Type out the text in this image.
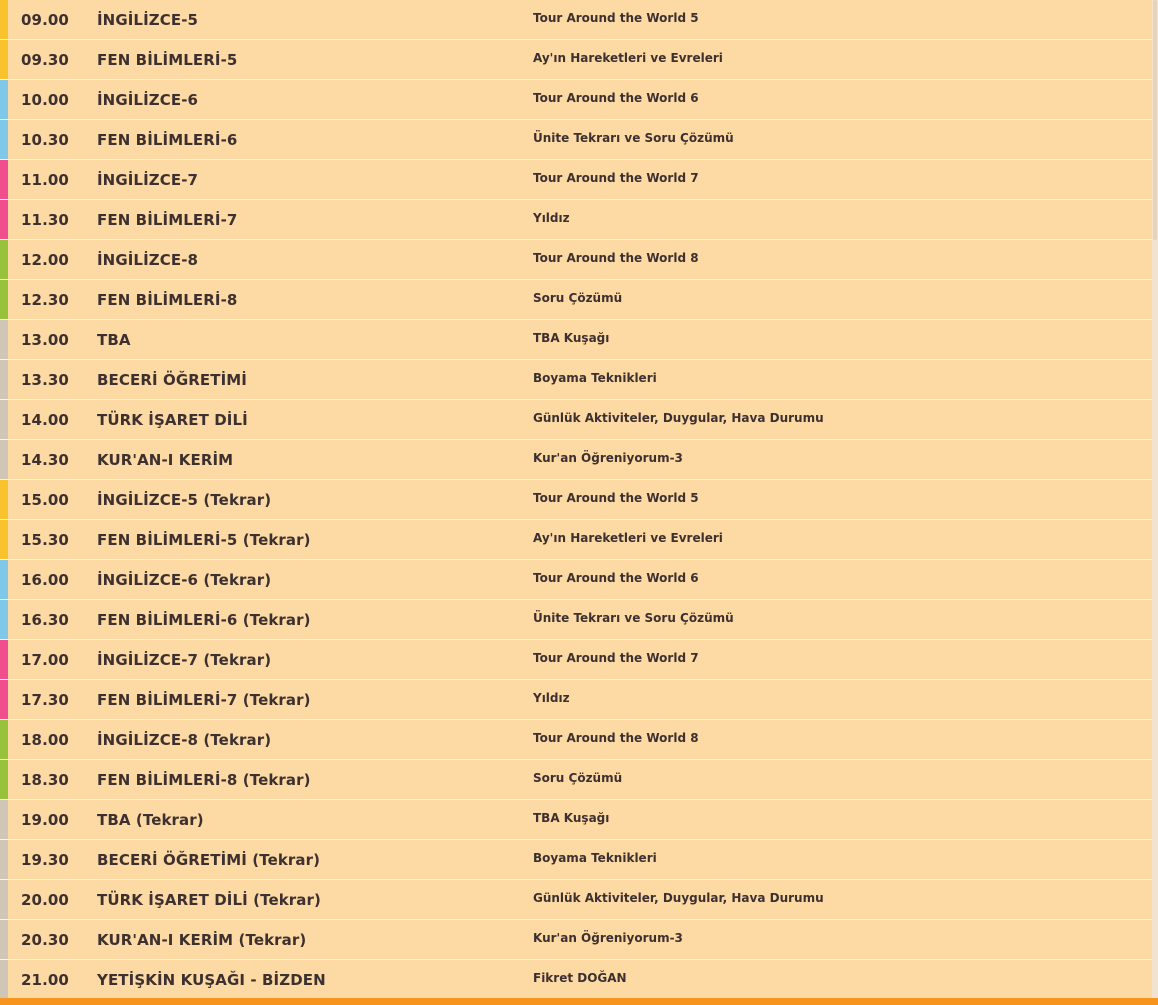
09.00 İNGİLİZCE-5	Tour Around the World 5
09.30 FEN BİLİMLERİ-5	Ay'ın Hareketleri ve Evreleri
10.00 İNGİLİZCE-6	Tour Around the World 6
10.30 FEN BİLİMLERİ-6	Ünite Tekrarı ve Soru Çözümü
11.00 İNGİLİZCE-7	Tour Around the World 7
11.30 FEN BİLİMLERİ-7	Yıldız
12.00 İNGİLİZCE-8	Tour Around the World 8
12.30 FEN BİLİMLERİ-8	Soru Çözümü
13.00 TBA	TBA Kuşağı
13.30 BECERİ ÖĞRETİMİ	Boyama Teknikleri
14.00 TÜRK İŞARET DİLİ	Günlük Aktiviteler, Duygular, Hava Durumu
14.30 KUR'AN-I KERİM	Kur'an Öğreniyorum-3
15.00 İNGİLİZCE-5 (Tekrar)	Tour Around the World 5
15.30 FEN BİLİMLERİ-5 (Tekrar)	Ay'ın Hareketleri ve Evreleri
16.00 İNGİLİZCE-6 (Tekrar)	Tour Around the World 6
16.30 FEN BİLİMLERİ-6 (Tekrar)	Ünite Tekrarı ve Soru Çözümü
17.00 İNGİLİZCE-7 (Tekrar)	Tour Around the World 7
17.30 FEN BİLİMLERİ-7 (Tekrar)	Yıldız
18.00 İNGİLİZCE-8 (Tekrar)	Tour Around the World 8
18.30 FEN BİLİMLERİ-8 (Tekrar)	Soru Çözümü
19.00 TBA (Tekrar)	TBA Kuşağı
19.30 BECERİ ÖĞRETİMİ (Tekrar)	Boyama Teknikleri
20.00 TÜRK İŞARET DİLİ (Tekrar)	Günlük Aktiviteler, Duygular, Hava Durumu
20.30 KUR'AN-I KERİM (Tekrar)	Kur'an Öğreniyorum-3
21.00 YETİŞKİN KUŞAĞI - BİZDEN	Fikret DOĞAN
